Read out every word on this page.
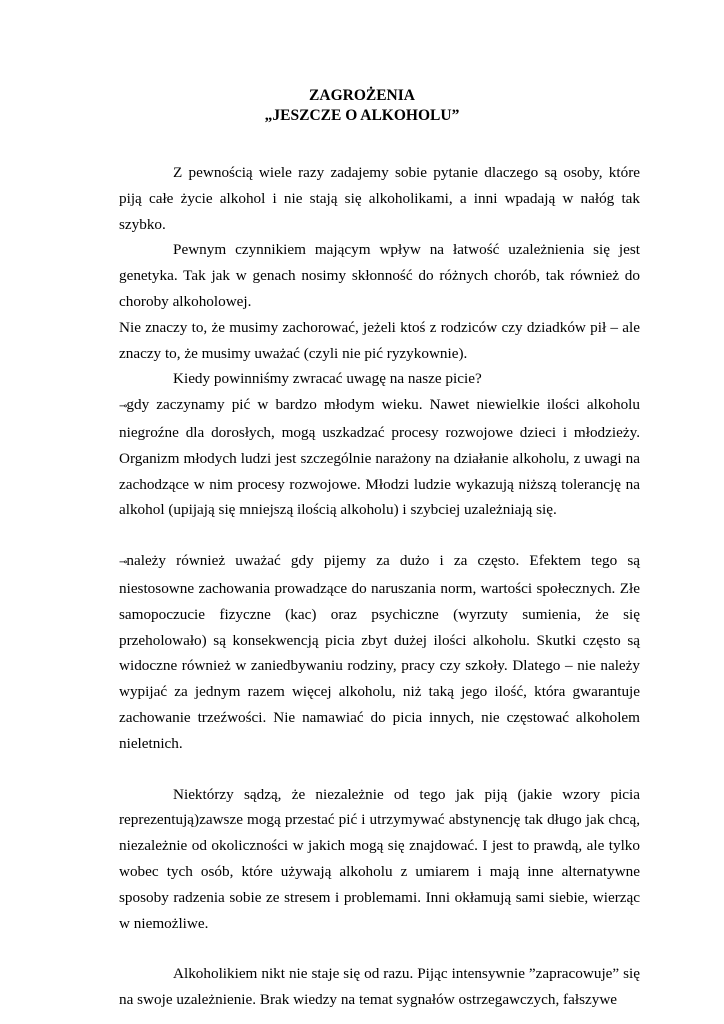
ZAGROŻENIA
„JESZCZE O ALKOHOLU”

Z pewnością wiele razy zadajemy sobie pytanie dlaczego są osoby, które piją całe życie alkohol i nie stają się alkoholikami, a inni wpadają w nałóg tak szybko.

Pewnym czynnikiem mającym wpływ na łatwość uzależnienia się jest genetyka. Tak jak w genach nosimy skłonność do różnych chorób, tak również do choroby alkoholowej.

Nie znaczy to, że musimy zachorować, jeżeli ktoś z rodziców czy dziadków pił – ale znaczy to, że musimy uważać (czyli nie pić ryzykownie).

Kiedy powinniśmy zwracać uwagę na nasze picie?

⊸gdy zaczynamy pić w bardzo młodym wieku. Nawet niewielkie ilości alkoholu niegroźne dla dorosłych, mogą uszkadzać procesy rozwojowe dzieci i młodzieży. Organizm młodych ludzi jest szczególnie narażony na działanie alkoholu, z uwagi na zachodzące w nim procesy rozwojowe. Młodzi ludzie wykazują niższą tolerancję na alkohol (upijają się mniejszą ilością alkoholu) i szybciej uzależniają się.

⊸należy również uważać gdy pijemy za dużo i za często. Efektem tego są niestosowne zachowania prowadzące do naruszania norm, wartości społecznych. Złe samopoczucie fizyczne (kac) oraz psychiczne (wyrzuty sumienia, że się przeholowało) są konsekwencją picia zbyt dużej ilości alkoholu. Skutki często są widoczne również w zaniedbywaniu rodziny, pracy czy szkoły. Dlatego – nie należy wypijać za jednym razem więcej alkoholu, niż taką jego ilość, która gwarantuje zachowanie trzeźwości. Nie namawiać do picia innych, nie częstować alkoholem nieletnich.

Niektórzy sądzą, że niezależnie od tego jak piją (jakie wzory picia reprezentują)zawsze mogą przestać pić i utrzymywać abstynencję tak długo jak chcą, niezależnie od okoliczności w jakich mogą się znajdować. I jest to prawdą, ale tylko wobec tych osób, które używają alkoholu z umiarem i mają inne alternatywne sposoby radzenia sobie ze stresem i problemami. Inni okłamują sami siebie, wierząc w niemożliwe.

Alkoholikiem nikt nie staje się od razu. Pijąc intensywnie ”zapracowuje” się na swoje uzależnienie. Brak wiedzy na temat sygnałów ostrzegawczych, fałszywe
